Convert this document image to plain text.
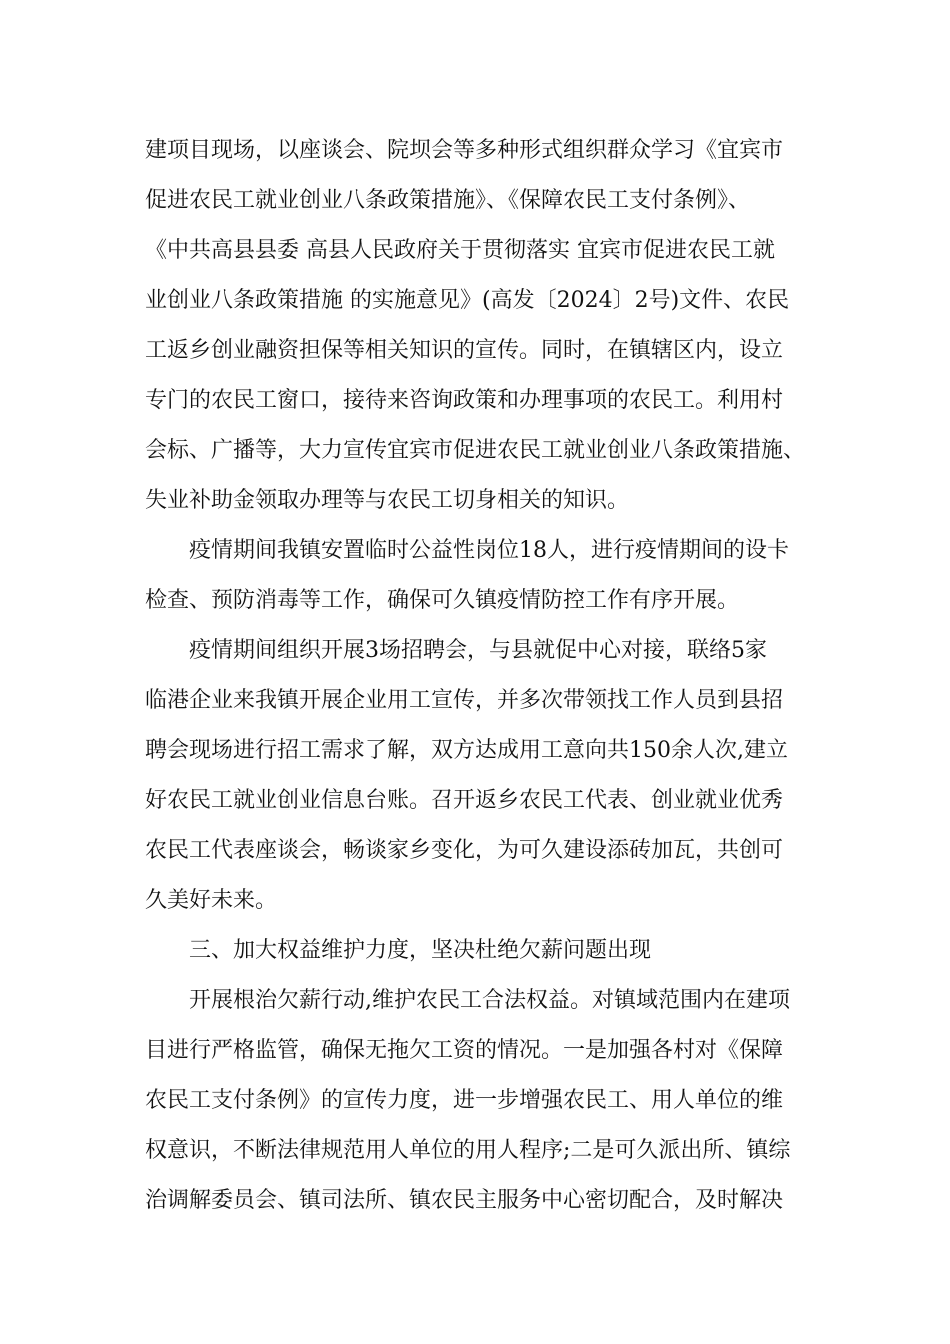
建项目现场，以座谈会、院坝会等多种形式组织群众学习《宜宾市
促进农民工就业创业八条政策措施》、《保障农民工支付条例》、
《中共高县县委 高县人民政府关于贯彻落实 宜宾市促进农民工就
业创业八条政策措施 的实施意见》(高发〔2024〕2号)文件、农民
工返乡创业融资担保等相关知识的宣传。同时，在镇辖区内，设立
专门的农民工窗口，接待来咨询政策和办理事项的农民工。利用村
会标、广播等，大力宣传宜宾市促进农民工就业创业八条政策措施、
失业补助金领取办理等与农民工切身相关的知识。
疫情期间我镇安置临时公益性岗位18人，进行疫情期间的设卡
检查、预防消毒等工作，确保可久镇疫情防控工作有序开展。
疫情期间组织开展3场招聘会，与县就促中心对接，联络5家
临港企业来我镇开展企业用工宣传，并多次带领找工作人员到县招
聘会现场进行招工需求了解，双方达成用工意向共150余人次,建立
好农民工就业创业信息台账。召开返乡农民工代表、创业就业优秀
农民工代表座谈会，畅谈家乡变化，为可久建设添砖加瓦，共创可
久美好未来。
三、加大权益维护力度，坚决杜绝欠薪问题出现
开展根治欠薪行动,维护农民工合法权益。对镇域范围内在建项
目进行严格监管，确保无拖欠工资的情况。一是加强各村对《保障
农民工支付条例》的宣传力度，进一步增强农民工、用人单位的维
权意识，不断法律规范用人单位的用人程序;二是可久派出所、镇综
治调解委员会、镇司法所、镇农民主服务中心密切配合，及时解决
